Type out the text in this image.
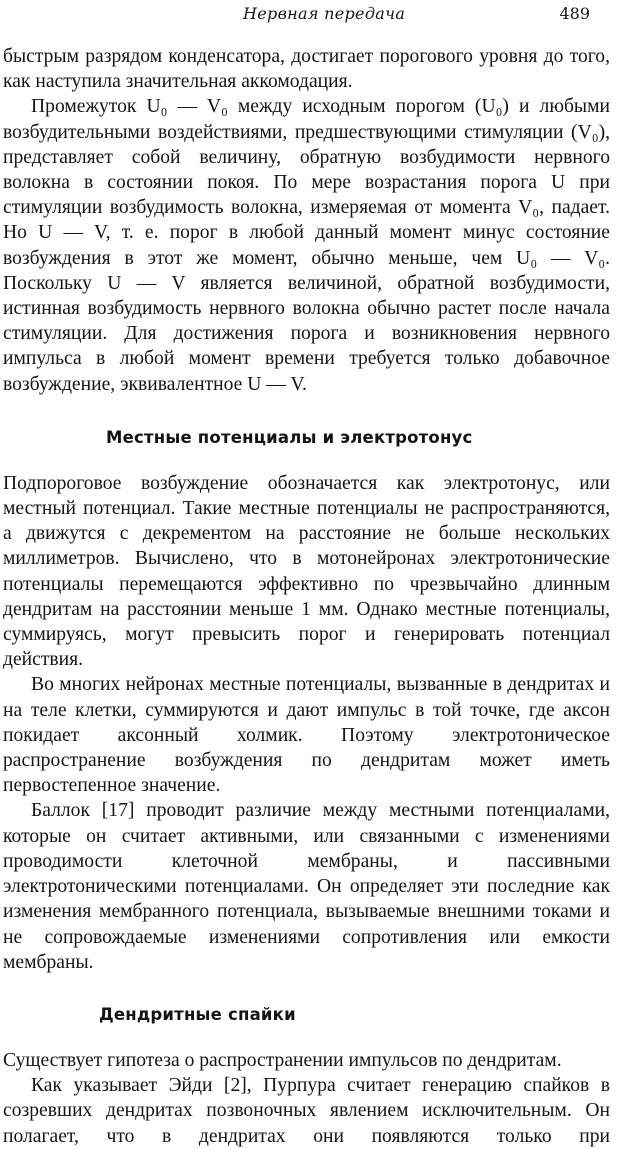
Нервная передача	489

быстрым разрядом конденсатора, достигает порогового уровня до того, как наступила значительная аккомодация.

Промежуток U₀ — V₀ между исходным порогом (U₀) и любыми возбудительными воздействиями, предшествующими стимуляции (V₀), представляет собой величину, обратную возбудимости нервного волокна в состоянии покоя. По мере возрастания порога U при стимуляции возбудимость волокна, измеряемая от момента V₀, падает. Но U — V, т. е. порог в любой данный момент минус состояние возбуждения в этот же момент, обычно меньше, чем U₀ — V₀. Поскольку U — V является величиной, обратной возбудимости, истинная возбудимость нервного волокна обычно растет после начала стимуляции. Для достижения порога и возникновения нервного импульса в любой момент времени требуется только добавочное возбуждение, эквивалентное U — V.

Местные потенциалы и электротонус

Подпороговое возбуждение обозначается как электротонус, или местный потенциал. Такие местные потенциалы не распространяются, а движутся с декрементом на расстояние не больше нескольких миллиметров. Вычислено, что в мотонейронах электротонические потенциалы перемещаются эффективно по чрезвычайно длинным дендритам на расстоянии меньше 1 мм. Однако местные потенциалы, суммируясь, могут превысить порог и генерировать потенциал действия.

Во многих нейронах местные потенциалы, вызванные в дендритах и на теле клетки, суммируются и дают импульс в той точке, где аксон покидает аксонный холмик. Поэтому электротоническое распространение возбуждения по дендритам может иметь первостепенное значение.

Баллок [17] проводит различие между местными потенциалами, которые он считает активными, или связанными с изменениями проводимости клеточной мембраны, и пассивными электротоническими потенциалами. Он определяет эти последние как изменения мембранного потенциала, вызываемые внешними токами и не сопровождаемые изменениями сопротивления или емкости мембраны.

Дендритные спайки

Существует гипотеза о распространении импульсов по дендритам.

Как указывает Эйди [2], Пурпура считает генерацию спайков в созревших дендритах позвоночных явлением исключительным. Он полагает, что в дендритах они появляются только при
